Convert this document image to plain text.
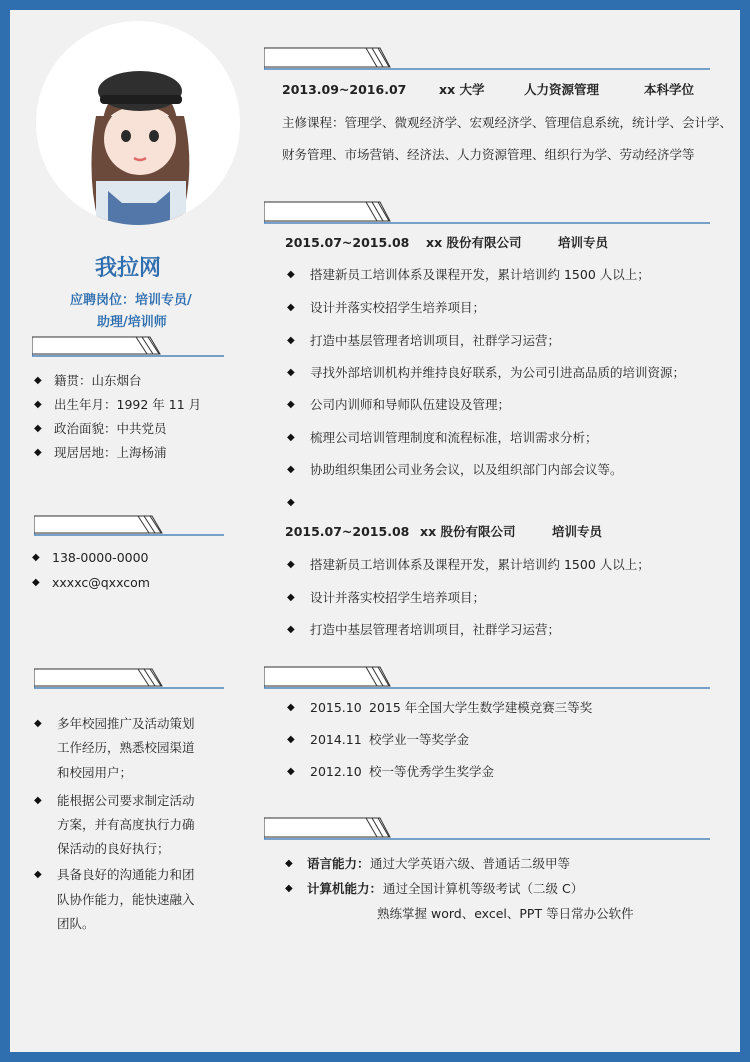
我拉网
应聘岗位：培训专员/
助理/培训师
◆ 籍贯：山东烟台
◆ 出生年月：1992 年 11 月
◆ 政治面貌：中共党员
◆ 现居居地：上海杨浦
◆ 138-0000-0000
◆ xxxxc@qxxcom
◆ 多年校园推广及活动策划
工作经历，熟悉校园渠道
和校园用户；
◆ 能根据公司要求制定活动
方案，并有高度执行力确
保活动的良好执行；
◆ 具备良好的沟通能力和团
队协作能力，能快速融入
团队。
2013.09~2016.07	xx 大学	人力资源管理	本科学位
主修课程：管理学、微观经济学、宏观经济学、管理信息系统，统计学、会计学、
财务管理、市场营销、经济法、人力资源管理、组织行为学、劳动经济学等
2015.07~2015.08 xx 股份有限公司	培训专员
◆ 搭建新员工培训体系及课程开发，累计培训约 1500 人以上；
◆ 设计并落实校招学生培养项目；
◆ 打造中基层管理者培训项目，社群学习运营；
◆ 寻找外部培训机构并维持良好联系，为公司引进高品质的培训资源；
◆ 公司内训师和导师队伍建设及管理；
◆ 梳理公司培训管理制度和流程标准，培训需求分析；
◆ 协助组织集团公司业务会议，以及组织部门内部会议等。
◆
2015.07~2015.08 xx 股份有限公司	培训专员
◆ 搭建新员工培训体系及课程开发，累计培训约 1500 人以上；
◆ 设计并落实校招学生培养项目；
◆ 打造中基层管理者培训项目，社群学习运营；
◆ 2015.10 2015 年全国大学生数学建模竞赛三等奖
◆ 2014.11 校学业一等奖学金
◆ 2012.10 校一等优秀学生奖学金
◆ 语言能力： 通过大学英语六级、普通话二级甲等
◆ 计算机能力： 通过全国计算机等级考试（二级 C）
熟练掌握 word、excel、PPT 等日常办公软件
